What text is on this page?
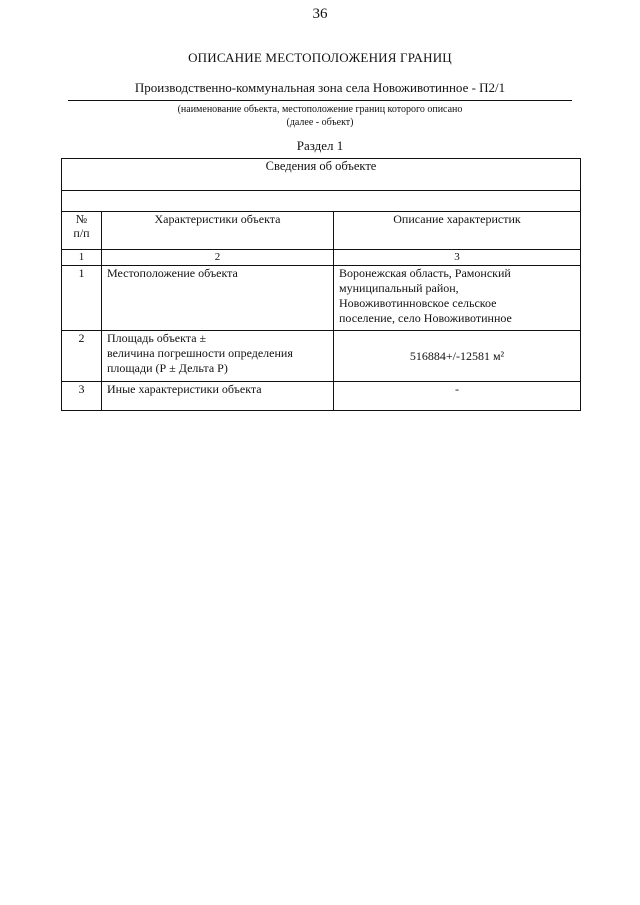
36
ОПИСАНИЕ МЕСТОПОЛОЖЕНИЯ ГРАНИЦ
Производственно-коммунальная зона села Новоживотинное - П2/1
(наименование объекта, местоположение границ которого описано
(далее - объект)
Раздел 1
Сведения об объекте		

№
п/п	Характеристики объекта	Описание характеристик
1	2	3
1	Местоположение объекта	Воронежская область, Рамонский
муниципальный район,
Новоживотинновское сельское
поселение, село Новоживотинное

2	Площадь объекта ±
величина погрешности определения
площади (Р ± Дельта Р)	516884+/-12581 м²
3	Иные характеристики объекта	-
